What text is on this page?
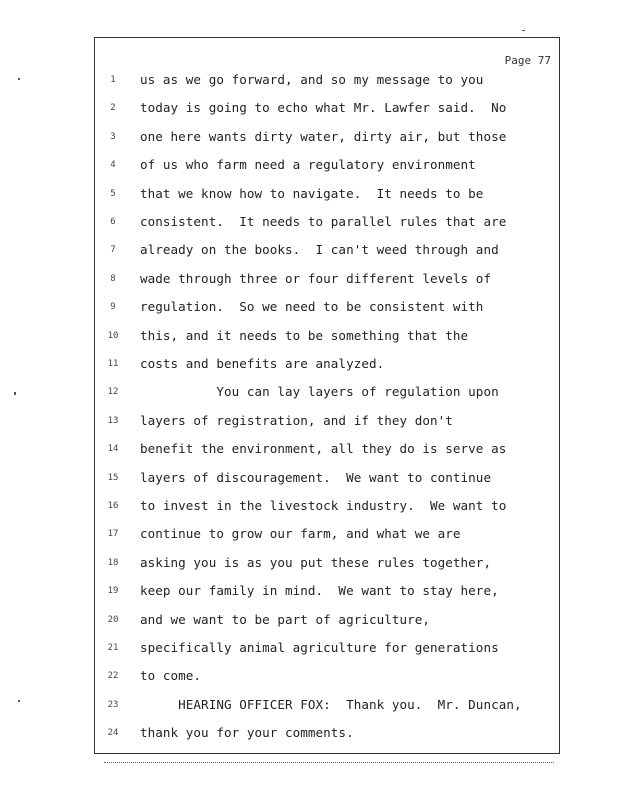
Page 77
1	us as we go forward, and so my message to you
2	today is going to echo what Mr. Lawfer said.  No
3	one here wants dirty water, dirty air, but those
4	of us who farm need a regulatory environment
5	that we know how to navigate.  It needs to be
6	consistent.  It needs to parallel rules that are
7	already on the books.  I can't weed through and
8	wade through three or four different levels of
9	regulation.  So we need to be consistent with
10	this, and it needs to be something that the
11	costs and benefits are analyzed.
12	You can lay layers of regulation upon
13	layers of registration, and if they don't
14	benefit the environment, all they do is serve as
15	layers of discouragement.  We want to continue
16	to invest in the livestock industry.  We want to
17	continue to grow our farm, and what we are
18	asking you is as you put these rules together,
19	keep our family in mind.  We want to stay here,
20	and we want to be part of agriculture,
21	specifically animal agriculture for generations
22	to come.
23	HEARING OFFICER FOX:  Thank you.  Mr. Duncan,
24	thank you for your comments.
